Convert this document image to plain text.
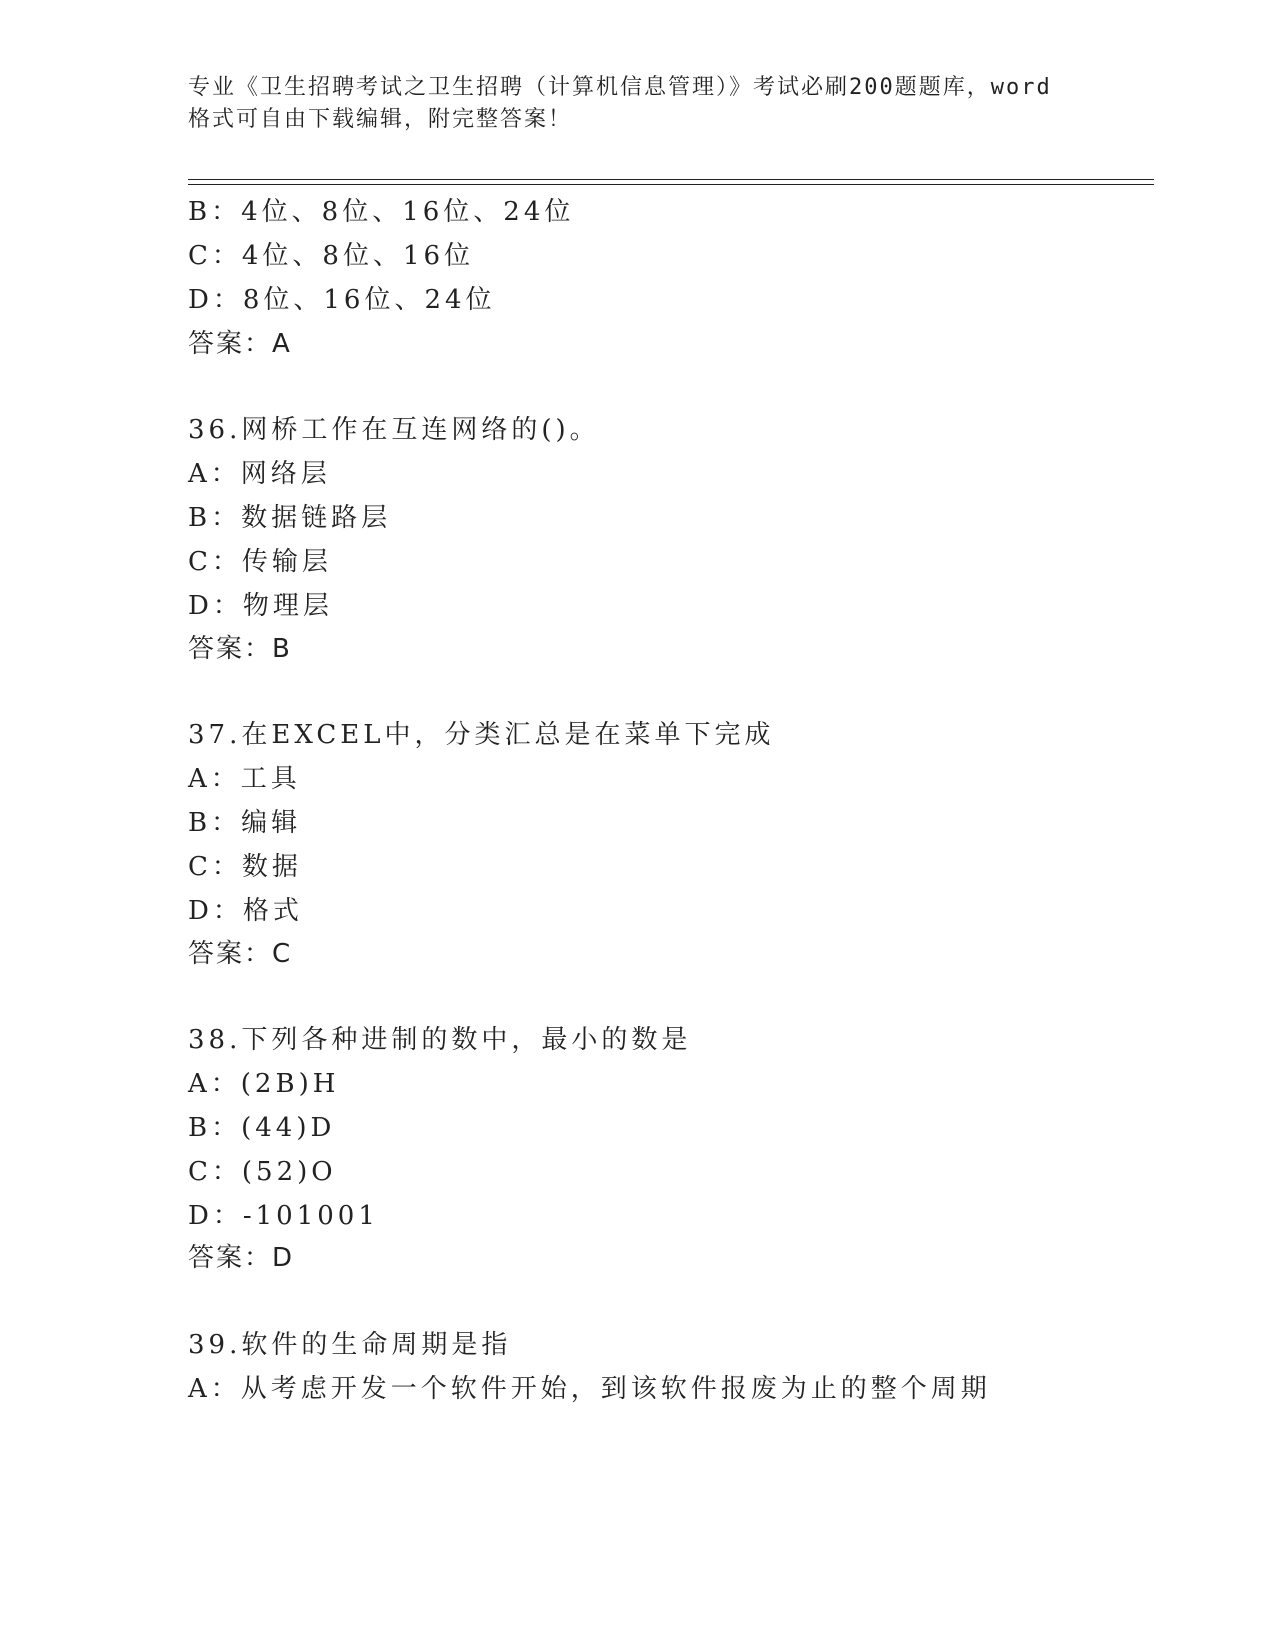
专业《卫生招聘考试之卫生招聘（计算机信息管理）》考试必刷200题题库，word
格式可自由下载编辑，附完整答案！
B：4位、8位、16位、24位
C：4位、8位、16位
D：8位、16位、24位
答案：A
36.网桥工作在互连网络的()。
A：网络层
B：数据链路层
C：传输层
D：物理层
答案：B
37.在EXCEL中，分类汇总是在菜单下完成
A：工具
B：编辑
C：数据
D：格式
答案：C
38.下列各种进制的数中，最小的数是
A：(2B)H
B：(44)D
C：(52)O
D：-101001
答案：D
39.软件的生命周期是指
A：从考虑开发一个软件开始，到该软件报废为止的整个周期
